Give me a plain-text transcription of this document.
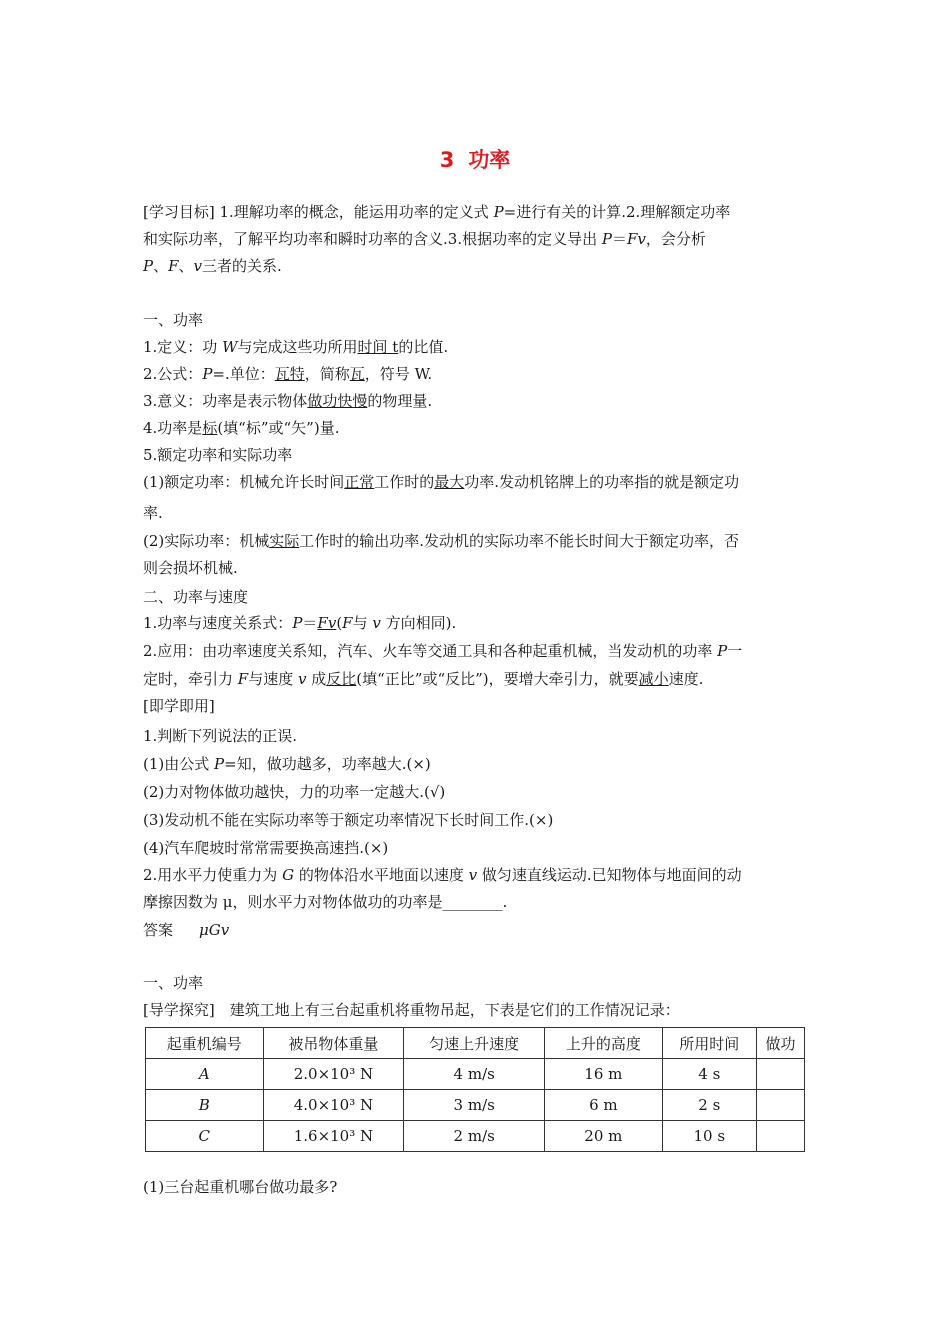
3 功率
[学习目标] 1.理解功率的概念，能运用功率的定义式 P=进行有关的计算.2.理解额定功率
和实际功率，了解平均功率和瞬时功率的含义.3.根据功率的定义导出 P＝Fv，会分析
P、F、v三者的关系.
一、功率
1.定义：功 W与完成这些功所用时间 t的比值.
2.公式：P=.单位：瓦特，简称瓦，符号 W.
3.意义：功率是表示物体做功快慢的物理量.
4.功率是标(填“标”或“矢”)量.
5.额定功率和实际功率
(1)额定功率：机械允许长时间正常工作时的最大功率.发动机铭牌上的功率指的就是额定功
率.
(2)实际功率：机械实际工作时的输出功率.发动机的实际功率不能长时间大于额定功率，否
则会损坏机械.
二、功率与速度
1.功率与速度关系式：P＝Fv(F与 v 方向相同).
2.应用：由功率速度关系知，汽车、火车等交通工具和各种起重机械，当发动机的功率 P一
定时，牵引力 F与速度 v 成反比(填“正比”或“反比”)，要增大牵引力，就要减小速度.
[即学即用]
1.判断下列说法的正误.
(1)由公式 P=知，做功越多，功率越大.(×)
(2)力对物体做功越快，力的功率一定越大.(√)
(3)发动机不能在实际功率等于额定功率情况下长时间工作.(×)
(4)汽车爬坡时常常需要换高速挡.(×)
2.用水平力使重力为 G 的物体沿水平地面以速度 v 做匀速直线运动.已知物体与地面间的动
摩擦因数为 μ，则水平力对物体做功的功率是________.
答案 μGv
一、功率
[导学探究]　建筑工地上有三台起重机将重物吊起，下表是它们的工作情况记录：
起重机编号	被吊物体重量	匀速上升速度	上升的高度	所用时间	做功
A	2.0×10³ N	4 m/s	16 m	4 s	
B	4.0×10³ N	3 m/s	6 m	2 s	
C	1.6×10³ N	2 m/s	20 m	10 s	
(1)三台起重机哪台做功最多?
